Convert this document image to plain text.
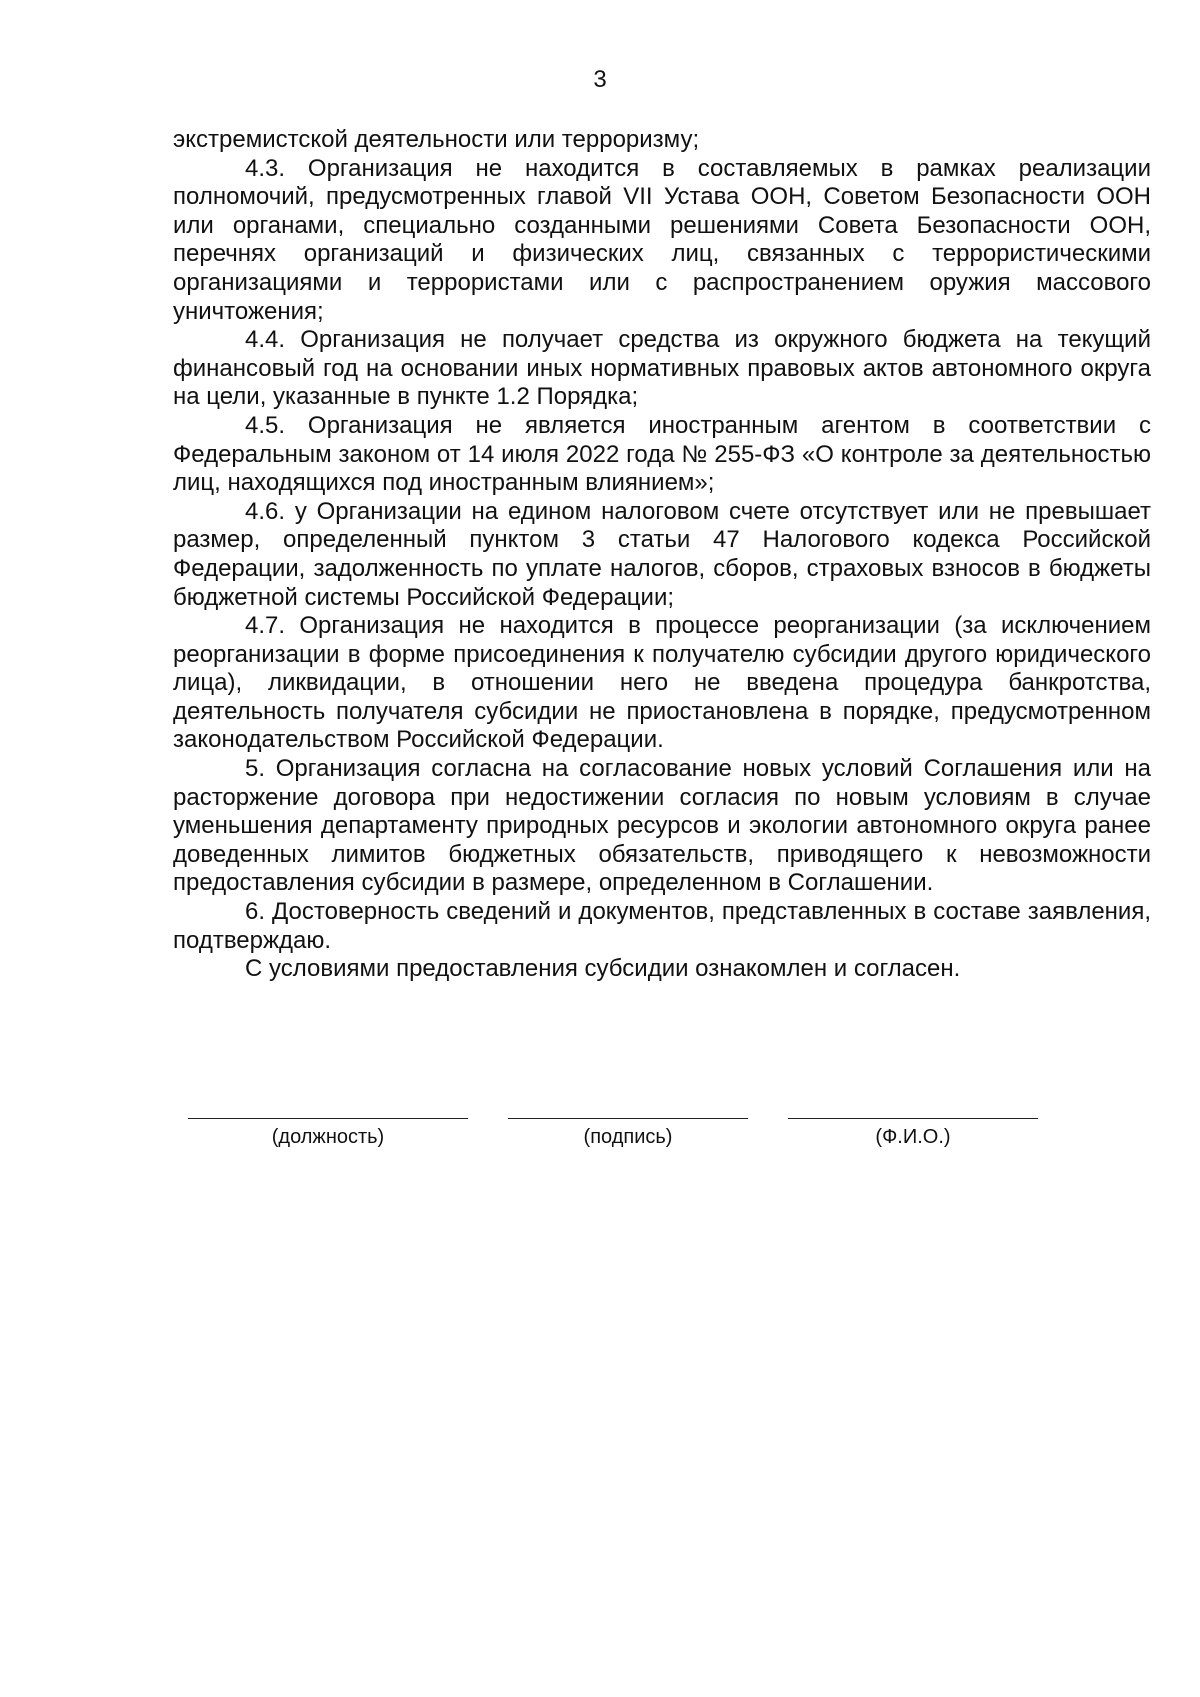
3

экстремистской деятельности или терроризму;

4.3. Организация не находится в составляемых в рамках реализации полномочий, предусмотренных главой VII Устава ООН, Советом Безопасности ООН или органами, специально созданными решениями Совета Безопасности ООН, перечнях организаций и физических лиц, связанных с террористическими организациями и террористами или с распространением оружия массового уничтожения;

4.4. Организация не получает средства из окружного бюджета на текущий финансовый год на основании иных нормативных правовых актов автономного округа на цели, указанные в пункте 1.2 Порядка;

4.5. Организация не является иностранным агентом в соответствии с Федеральным законом от 14 июля 2022 года № 255-ФЗ «О контроле за деятельностью лиц, находящихся под иностранным влиянием»;

4.6. у Организации на едином налоговом счете отсутствует или не превышает размер, определенный пунктом 3 статьи 47 Налогового кодекса Российской Федерации, задолженность по уплате налогов, сборов, страховых взносов в бюджеты бюджетной системы Российской Федерации;

4.7. Организация не находится в процессе реорганизации (за исключением реорганизации в форме присоединения к получателю субсидии другого юридического лица), ликвидации, в отношении него не введена процедура банкротства, деятельность получателя субсидии не приостановлена в порядке, предусмотренном законодательством Российской Федерации.

5. Организация согласна на согласование новых условий Соглашения или на расторжение договора при недостижении согласия по новым условиям в случае уменьшения департаменту природных ресурсов и экологии автономного округа ранее доведенных лимитов бюджетных обязательств, приводящего к невозможности предоставления субсидии в размере, определенном в Соглашении.

6. Достоверность сведений и документов, представленных в составе заявления, подтверждаю.

С условиями предоставления субсидии ознакомлен и согласен.

(должность)	(подпись)	(Ф.И.О.)
